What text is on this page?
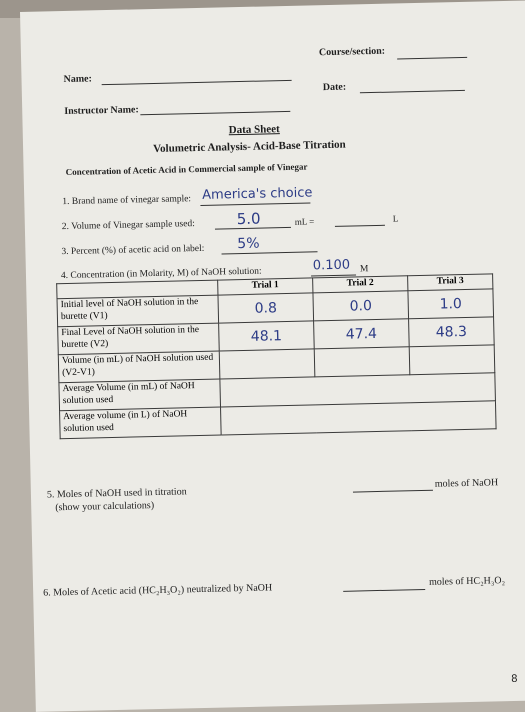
Course/section:
Name:
Date:
Instructor Name:
Data Sheet
Volumetric Analysis- Acid-Base Titration
Concentration of Acetic Acid in Commercial sample of Vinegar
1. Brand name of vinegar sample: America's choice
2. Volume of Vinegar sample used:	5.0	mL =	L
3. Percent (%) of acetic acid on label: 5%
4. Concentration (in Molarity, M) of NaOH solution:
0.100 M
	Trial 1	Trial 2	Trial 3
Initial level of NaOH solution in the burette (V1)	0.8	0.0	1.0
Final Level of NaOH solution in the burette (V2)	48.1	47.4	48.3
Volume (in mL) of NaOH solution used (V2-V1)			
Average Volume (in mL) of NaOH solution used			
Average volume (in L) of NaOH solution used			
5. Moles of NaOH used in titration
(show your calculations)
moles of NaOH
6. Moles of Acetic acid (HC₂H₃O₂) neutralized by NaOH
moles of HC₂H₃O₂
8
